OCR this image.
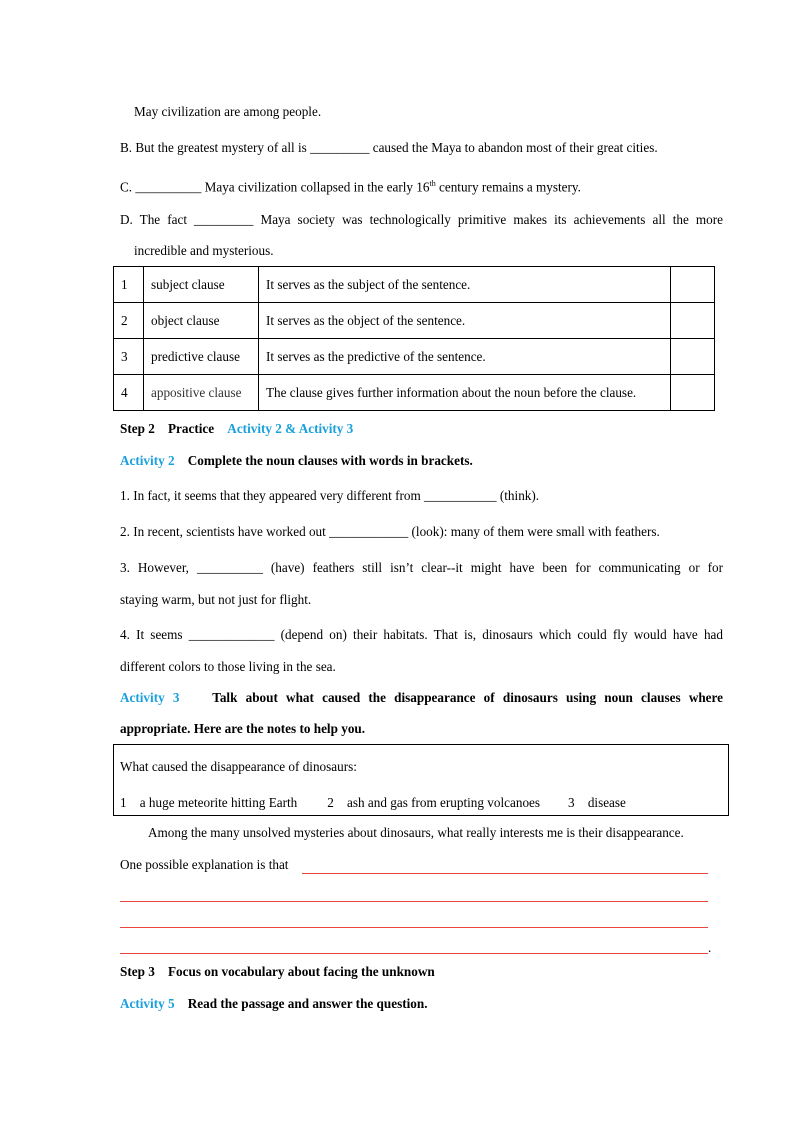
May civilization are among people.
B. But the greatest mystery of all is _________ caused the Maya to abandon most of their great cities.
C. __________ Maya civilization collapsed in the early 16th century remains a mystery.
D. The fact _________ Maya society was technologically primitive makes its achievements all the more
incredible and mysterious.
1	subject clause	It serves as the subject of the sentence.	
2	object clause	It serves as the object of the sentence.	
3	predictive clause	It serves as the predictive of the sentence.	
4	appositive clause	The clause gives further information about the noun before the clause.	
Step 2    Practice Activity 2 & Activity 3
Activity 2 Complete the noun clauses with words in brackets.
1. In fact, it seems that they appeared very different from ___________ (think).
2. In recent, scientists have worked out ____________ (look): many of them were small with feathers.
3. However, __________ (have) feathers still isn’t clear--it might have been for communicating or for
staying warm, but not just for flight.
4. It seems _____________ (depend on) their habitats. That is, dinosaurs which could fly would have had
different colors to those living in the sea.
Activity 3 Talk about what caused the disappearance of dinosaurs using noun clauses where
appropriate. Here are the notes to help you.
What caused the disappearance of dinosaurs:
1 a huge meteorite hitting Earth 2 ash and gas from erupting volcanoes 3 disease
Among the many unsolved mysteries about dinosaurs, what really interests me is their disappearance.
One possible explanation is that
.
Step 3    Focus on vocabulary about facing the unknown
Activity 5 Read the passage and answer the question.
